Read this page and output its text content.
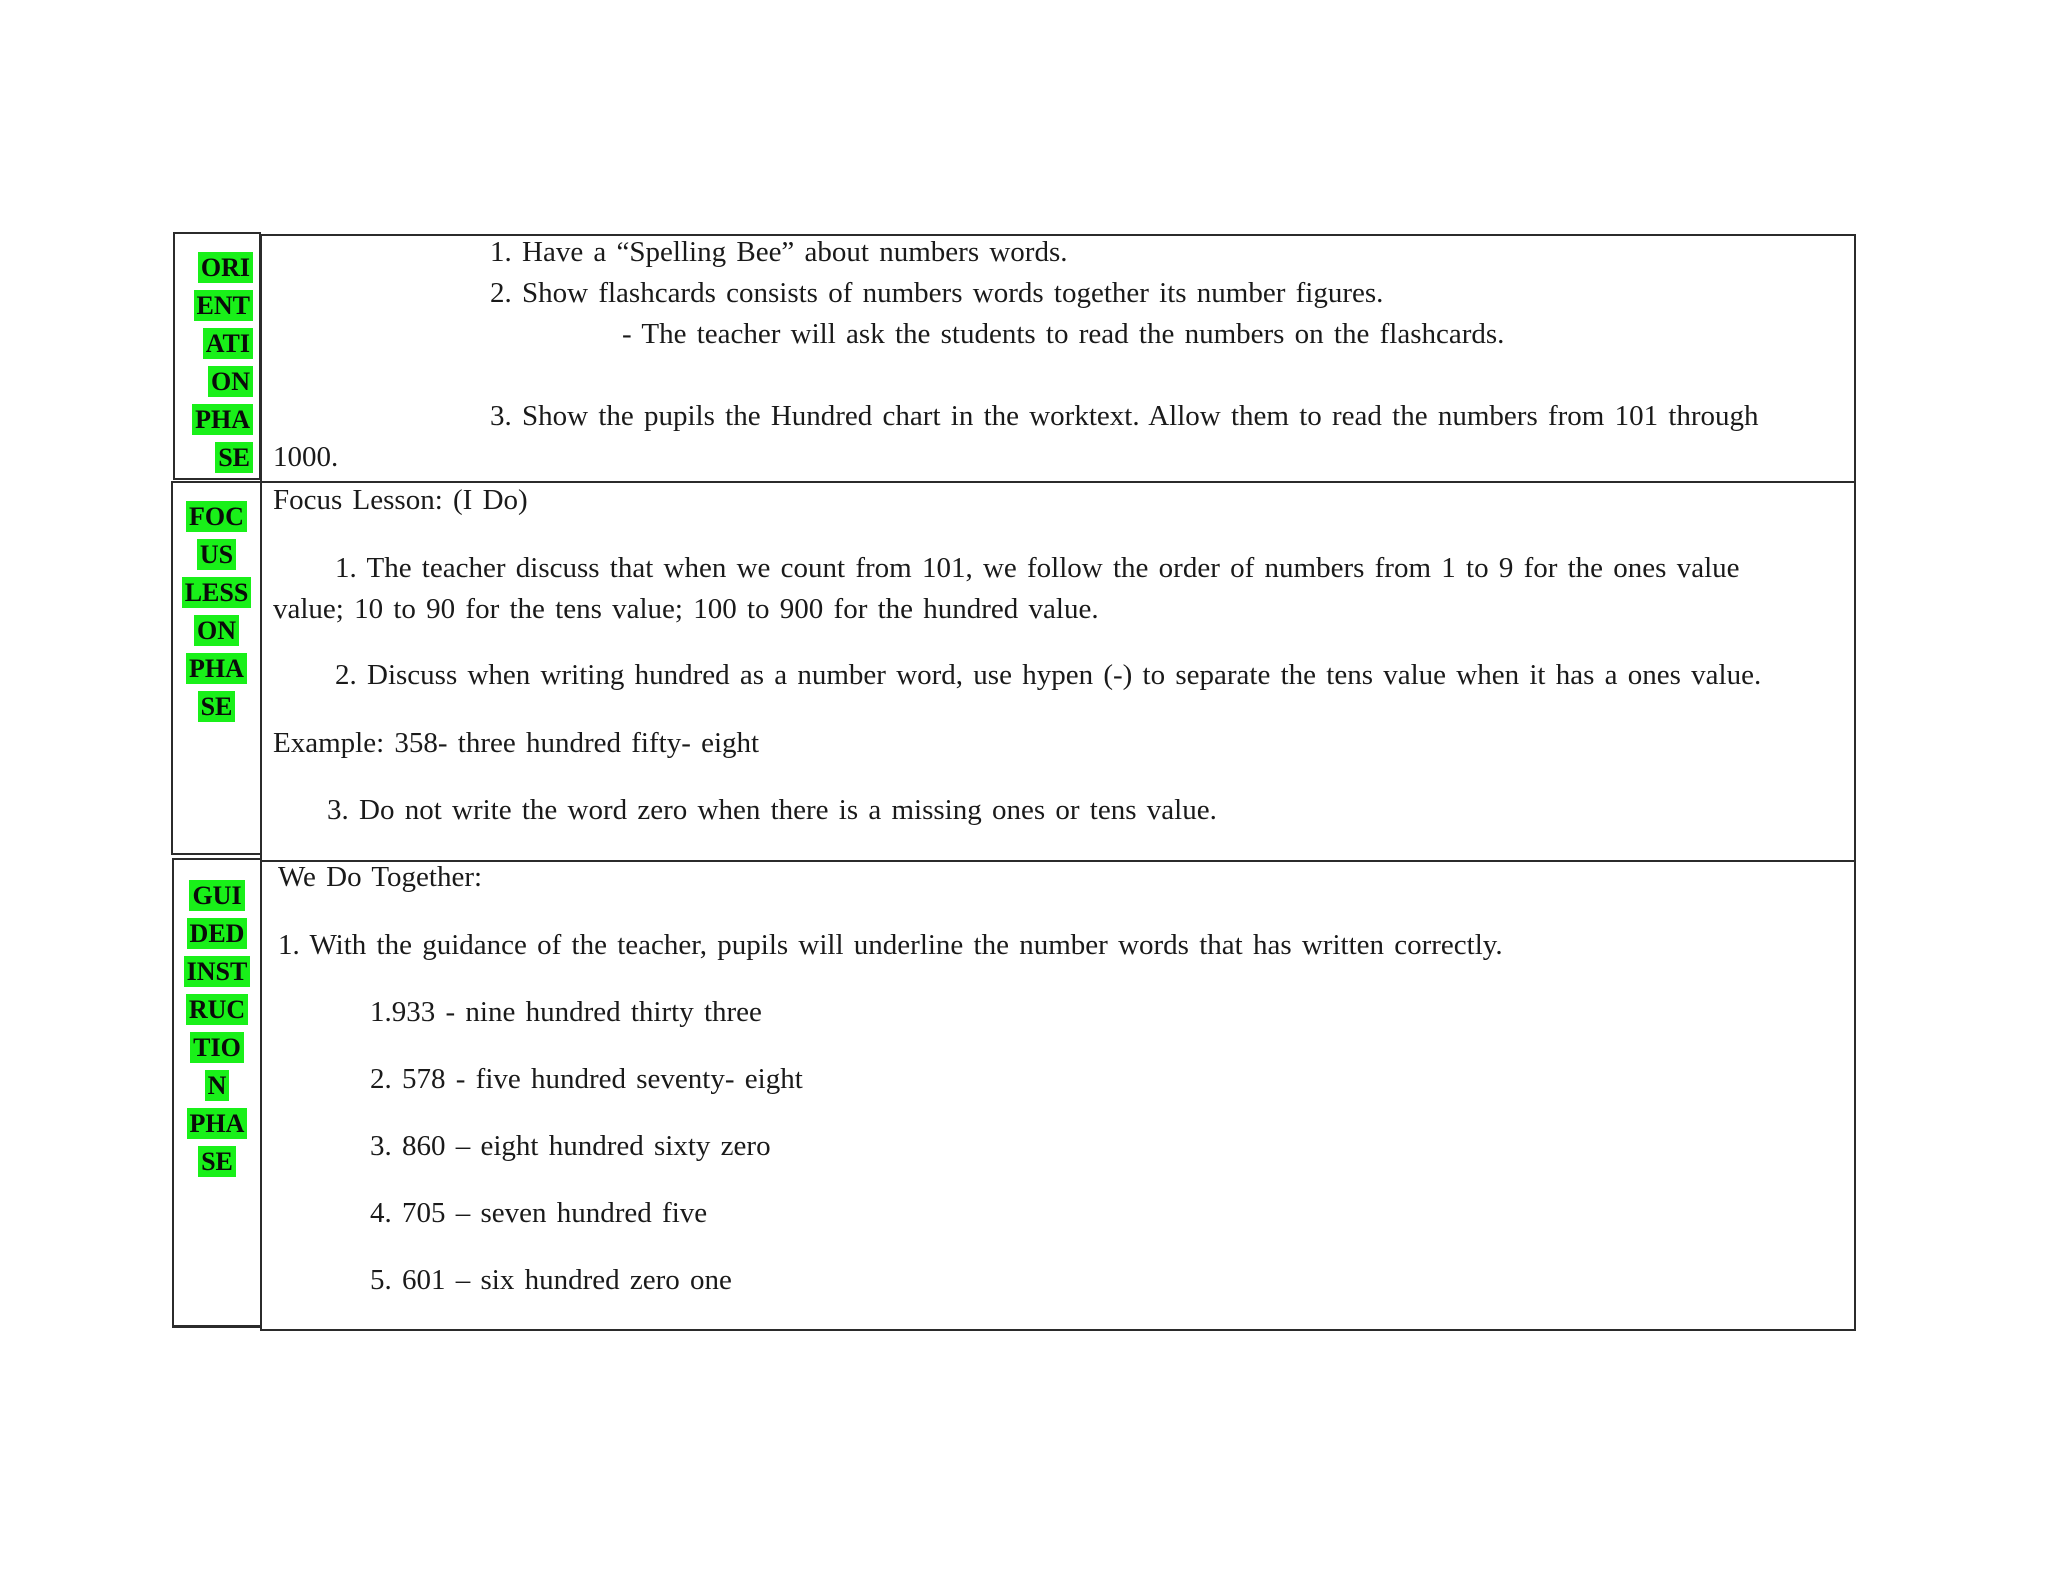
ORI
ENT
ATI
ON
PHA
SE
1. Have a “Spelling Bee” about numbers words.
2. Show flashcards consists of numbers words together its number figures.
- The teacher will ask the students to read the numbers on the flashcards.
3. Show the pupils the Hundred chart in the worktext. Allow them to read the numbers from 101 through
1000.
FOC
US
LESS
ON
PHA
SE
Focus Lesson: (I Do)
1. The teacher discuss that when we count from 101, we follow the order of numbers from 1 to 9 for the ones value
value; 10 to 90 for the tens value; 100 to 900 for the hundred value.
2. Discuss when writing hundred as a number word, use hypen (-) to separate the tens value when it has a ones value.
Example: 358- three hundred fifty- eight
3. Do not write the word zero when there is a missing ones or tens value.
GUI
DED
INST
RUC
TIO
N
PHA
SE
We Do Together:
1. With the guidance of the teacher, pupils will underline the number words that has written correctly.
1.933 - nine hundred thirty three
2. 578 - five hundred seventy- eight
3. 860 – eight hundred sixty zero
4. 705 – seven hundred five
5. 601 – six hundred zero one
